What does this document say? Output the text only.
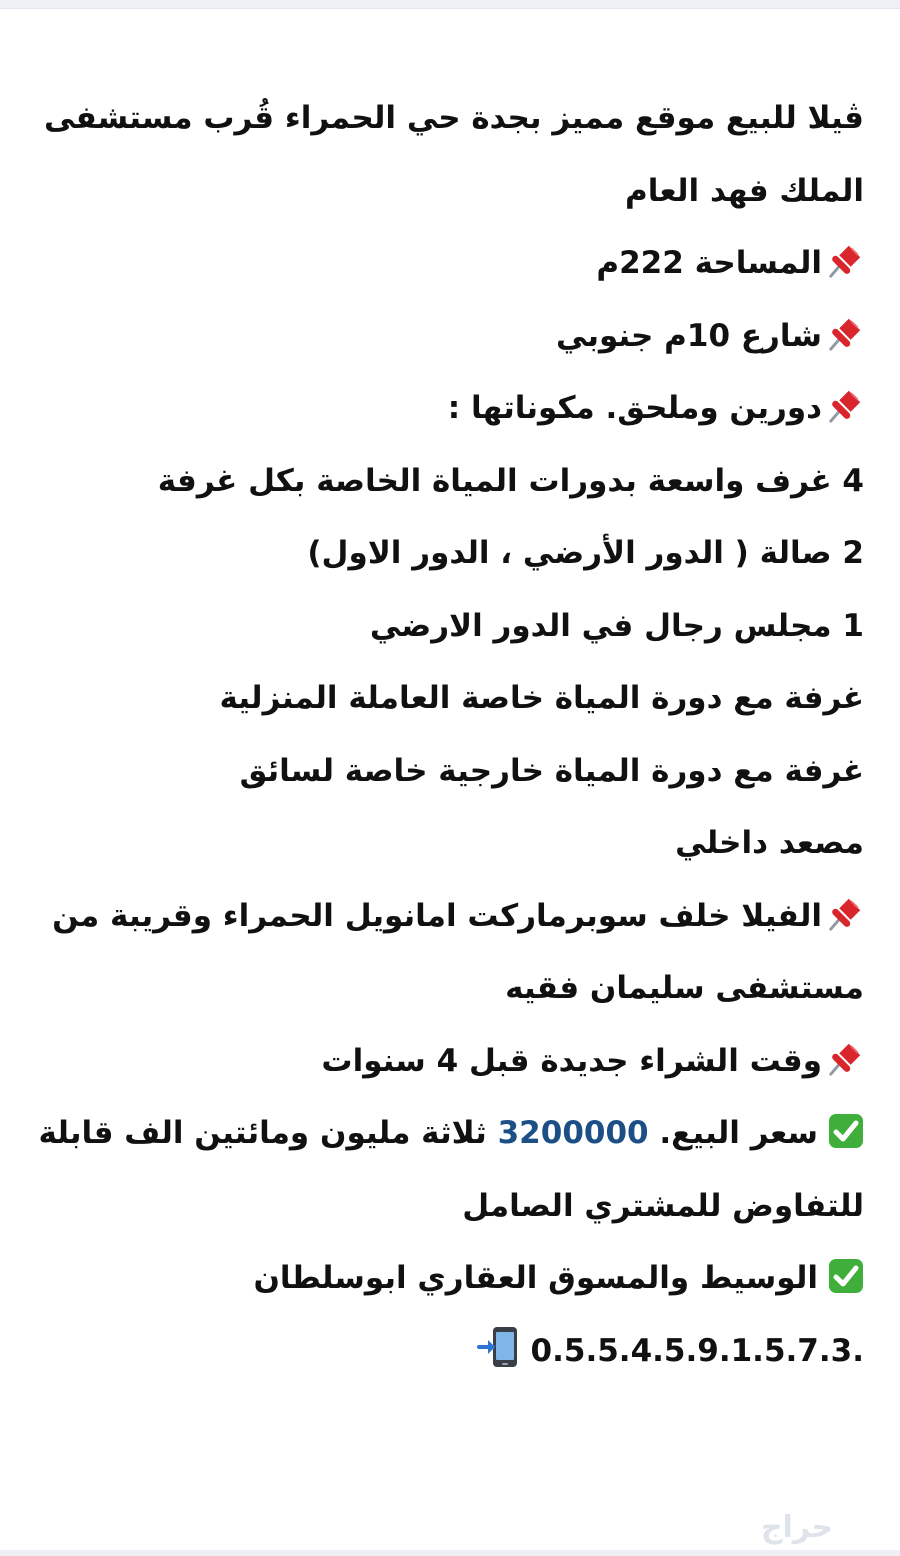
ڤيلا للبيع موقع مميز بجدة حي الحمراء قُرب مستشفى
الملك فهد العام
المساحة 222م
شارع 10م جنوبي
دورين وملحق. مكوناتها :
4 غرف واسعة بدورات المياة الخاصة بكل غرفة
2 صالة ( الدور الأرضي ، الدور الاول)
1 مجلس رجال في الدور الارضي
غرفة مع دورة المياة خاصة العاملة المنزلية
غرفة مع دورة المياة خارجية خاصة لسائق
مصعد داخلي
الفيلا خلف سوبرماركت امانويل الحمراء وقريبة من
مستشفى سليمان فقيه
وقت الشراء جديدة قبل 4 سنوات
سعر البيع. 3200000 ثلاثة مليون ومائتين الف قابلة
للتفاوض للمشتري الصامل
الوسيط والمسوق العقاري ابوسلطان
0.5.5.4.5.9.1.5.7.3.
حراج
